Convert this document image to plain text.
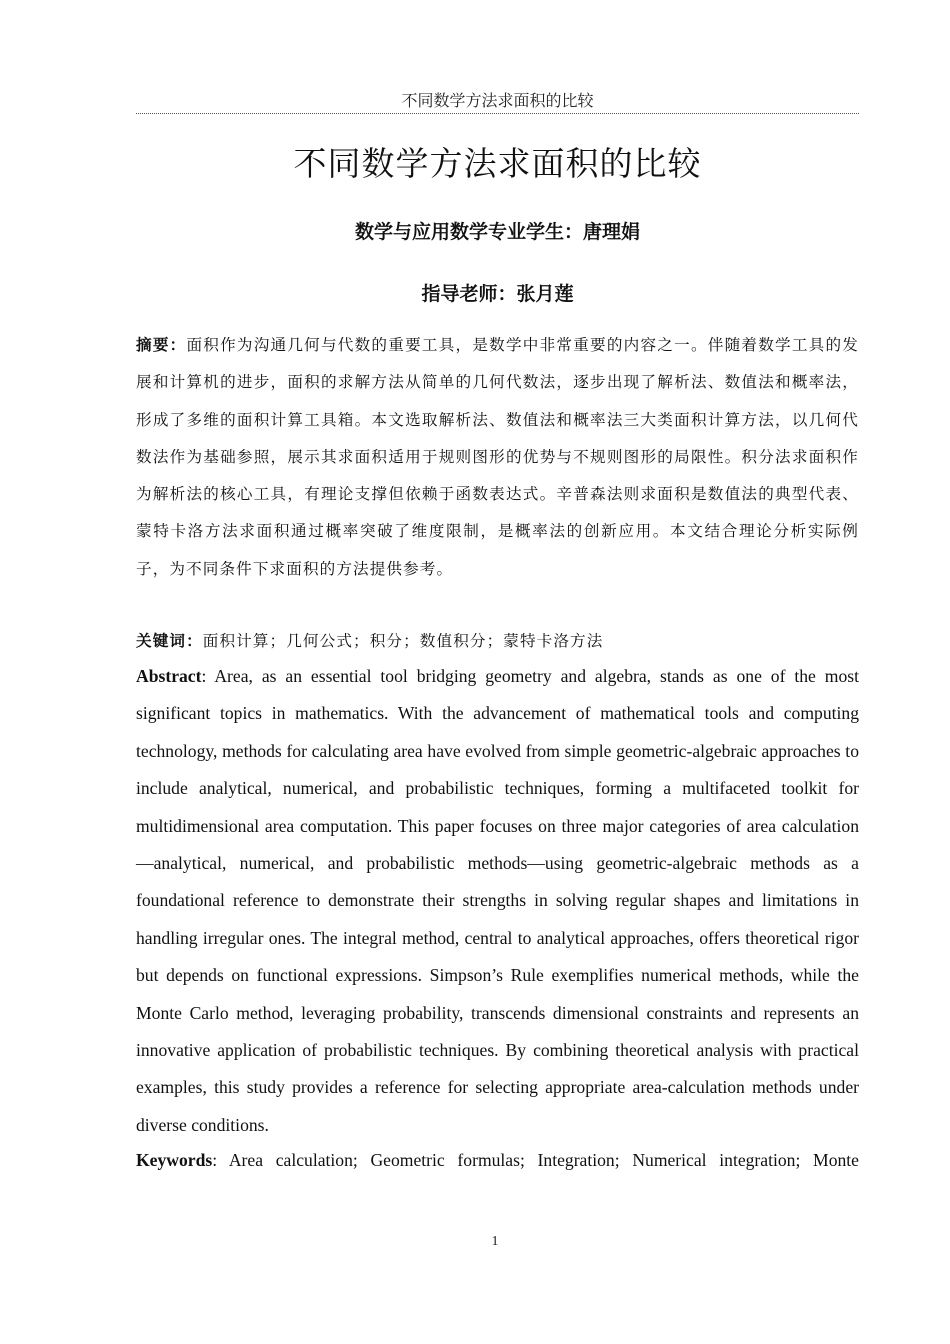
不同数学方法求面积的比较
不同数学方法求面积的比较
数学与应用数学专业学生：唐理娟
指导老师：张月莲
摘要：面积作为沟通几何与代数的重要工具，是数学中非常重要的内容之一。伴随着数学工具的发展和计算机的进步，面积的求解方法从简单的几何代数法，逐步出现了解析法、数值法和概率法，形成了多维的面积计算工具箱。本文选取解析法、数值法和概率法三大类面积计算方法，以几何代数法作为基础参照，展示其求面积适用于规则图形的优势与不规则图形的局限性。积分法求面积作为解析法的核心工具，有理论支撑但依赖于函数表达式。辛普森法则求面积是数值法的典型代表、蒙特卡洛方法求面积通过概率突破了维度限制，是概率法的创新应用。本文结合理论分析实际例子，为不同条件下求面积的方法提供参考。
关键词：面积计算；几何公式；积分；数值积分；蒙特卡洛方法
Abstract: Area, as an essential tool bridging geometry and algebra, stands as one of the most significant topics in mathematics. With the advancement of mathematical tools and computing technology, methods for calculating area have evolved from simple geometric-algebraic approaches to include analytical, numerical, and probabilistic techniques, forming a multifaceted toolkit for multidimensional area computation. This paper focuses on three major categories of area calculation—analytical, numerical, and probabilistic methods—using geometric-algebraic methods as a foundational reference to demonstrate their strengths in solving regular shapes and limitations in handling irregular ones. The integral method, central to analytical approaches, offers theoretical rigor but depends on functional expressions. Simpson’s Rule exemplifies numerical methods, while the Monte Carlo method, leveraging probability, transcends dimensional constraints and represents an innovative application of probabilistic techniques. By combining theoretical analysis with practical examples, this study provides a reference for selecting appropriate area-calculation methods under diverse conditions.
Keywords: Area calculation; Geometric formulas; Integration; Numerical integration; Monte
1
